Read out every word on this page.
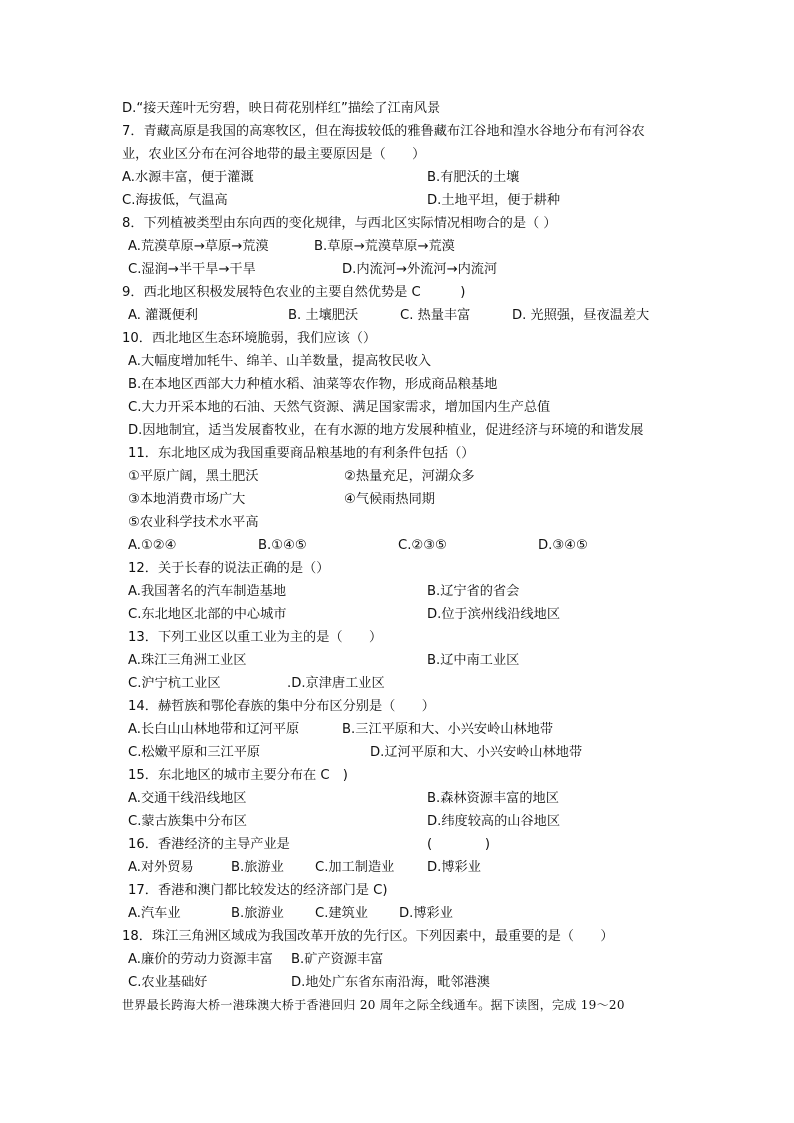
D.“接天莲叶无穷碧，映日荷花别样红”描绘了江南风景
7．青藏高原是我国的高寒牧区，但在海拔较低的雅鲁藏布江谷地和湟水谷地分布有河谷农
业，农业区分布在河谷地带的最主要原因是（　　）
A.水源丰富，便于灌溉	B.有肥沃的土壤
C.海拔低，气温高	D.土地平坦，便于耕种
8．下列植被类型由东向西的变化规律，与西北区实际情况相吻合的是（ ）
A.荒漠草原→草原→荒漠	B.草原→荒漠草原→荒漠
C.湿润→半干旱→干旱	D.内流河→外流河→内流河
9．西北地区积极发展特色农业的主要自然优势是 C　　　)
A. 灌溉便利	B. 土壤肥沃	C. 热量丰富	D. 光照强，昼夜温差大
10．西北地区生态环境脆弱，我们应该（）
A.大幅度增加牦牛、绵羊、山羊数量，提高牧民收入
B.在本地区西部大力种植水稻、油菜等农作物，形成商品粮基地
C.大力开采本地的石油、天然气资源、满足国家需求，增加国内生产总值
D.因地制宜，适当发展畜牧业，在有水源的地方发展种植业，促进经济与环境的和谐发展
11．东北地区成为我国重要商品粮基地的有利条件包括（）
①平原广阔，黑土肥沃	②热量充足，河湖众多
③本地消费市场广大	④气候雨热同期
⑤农业科学技术水平高
A.①②④	B.①④⑤	C.②③⑤	D.③④⑤
12．关于长春的说法正确的是（）
A.我国著名的汽车制造基地	B.辽宁省的省会
C.东北地区北部的中心城市	D.位于滨州线沿线地区
13．下列工业区以重工业为主的是（　　）
A.珠江三角洲工业区	B.辽中南工业区
C.沪宁杭工业区	.D.京津唐工业区
14．赫哲族和鄂伦春族的集中分布区分别是（　　）
A.长白山山林地带和辽河平原	B.三江平原和大、小兴安岭山林地带
C.松嫩平原和三江平原	D.辽河平原和大、小兴安岭山林地带
15．东北地区的城市主要分布在 C　)
A.交通干线沿线地区	B.森林资源丰富的地区
C.蒙古族集中分布区	D.纬度较高的山谷地区
16．香港经济的主导产业是	(　　　　)
A.对外贸易	B.旅游业 C.加工制造业 D.博彩业
17．香港和澳门都比较发达的经济部门是 C)
A.汽车业	B.旅游业 C.建筑业 D.博彩业
18．珠江三角洲区域成为我国改革开放的先行区。下列因素中，最重要的是（　　）
A.廉价的劳动力资源丰富 B.矿产资源丰富
C.农业基础好	D.地处广东省东南沿海，毗邻港澳
世界最长跨海大桥一港珠澳大桥于香港回归 20 周年之际全线通车。据下读图，完成 19～20
